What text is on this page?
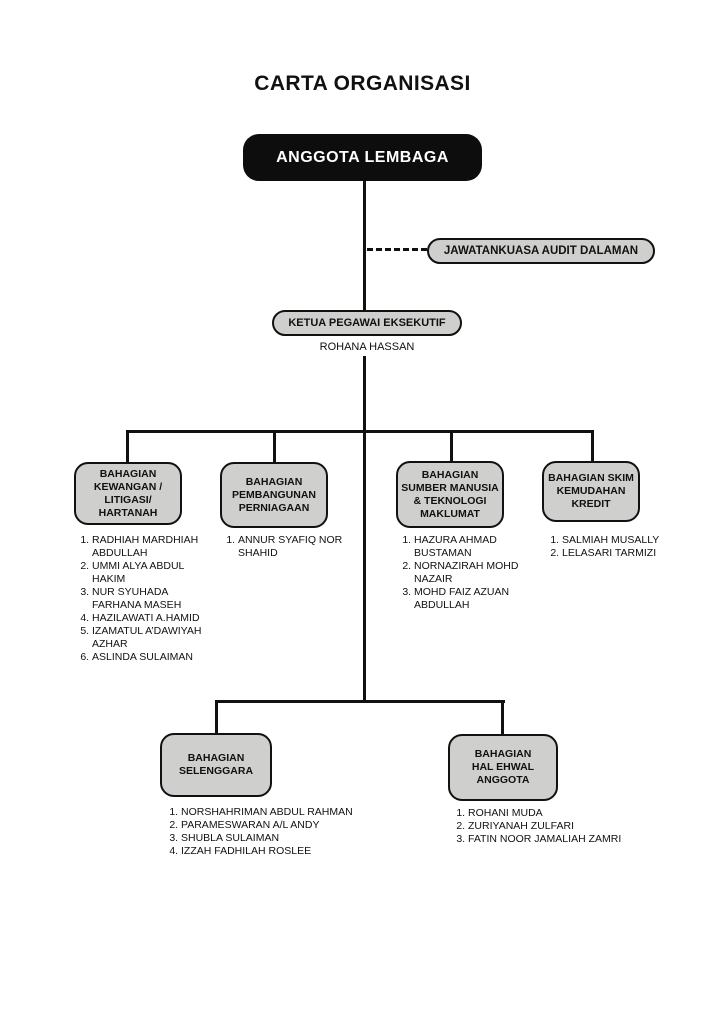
CARTA ORGANISASI
ANGGOTA LEMBAGA
JAWATANKUASA AUDIT DALAMAN
KETUA PEGAWAI EKSEKUTIF
ROHANA HASSAN
BAHAGIAN
KEWANGAN /
LITIGASI/
HARTANAH
BAHAGIAN
PEMBANGUNAN
PERNIAGAAN
BAHAGIAN
SUMBER MANUSIA
& TEKNOLOGI
MAKLUMAT
BAHAGIAN SKIM
KEMUDAHAN
KREDIT
1. RADHIAH MARDHIAH ABDULLAH
2. UMMI ALYA ABDUL HAKIM
3. NUR SYUHADA FARHANA MASEH
4. HAZILAWATI A.HAMID
5. IZAMATUL A’DAWIYAH AZHAR
6. ASLINDA SULAIMAN
1. ANNUR SYAFIQ NOR SHAHID
1. HAZURA AHMAD BUSTAMAN
2. NORNAZIRAH MOHD NAZAIR
3. MOHD FAIZ AZUAN ABDULLAH
1. SALMIAH MUSALLY
2. LELASARI TARMIZI
BAHAGIAN
SELENGGARA
BAHAGIAN
HAL EHWAL
ANGGOTA
1. NORSHAHRIMAN ABDUL RAHMAN
2. PARAMESWARAN A/L ANDY
3. SHUBLA SULAIMAN
4. IZZAH FADHILAH ROSLEE
1. ROHANI MUDA
2. ZURIYANAH ZULFARI
3. FATIN NOOR JAMALIAH ZAMRI
